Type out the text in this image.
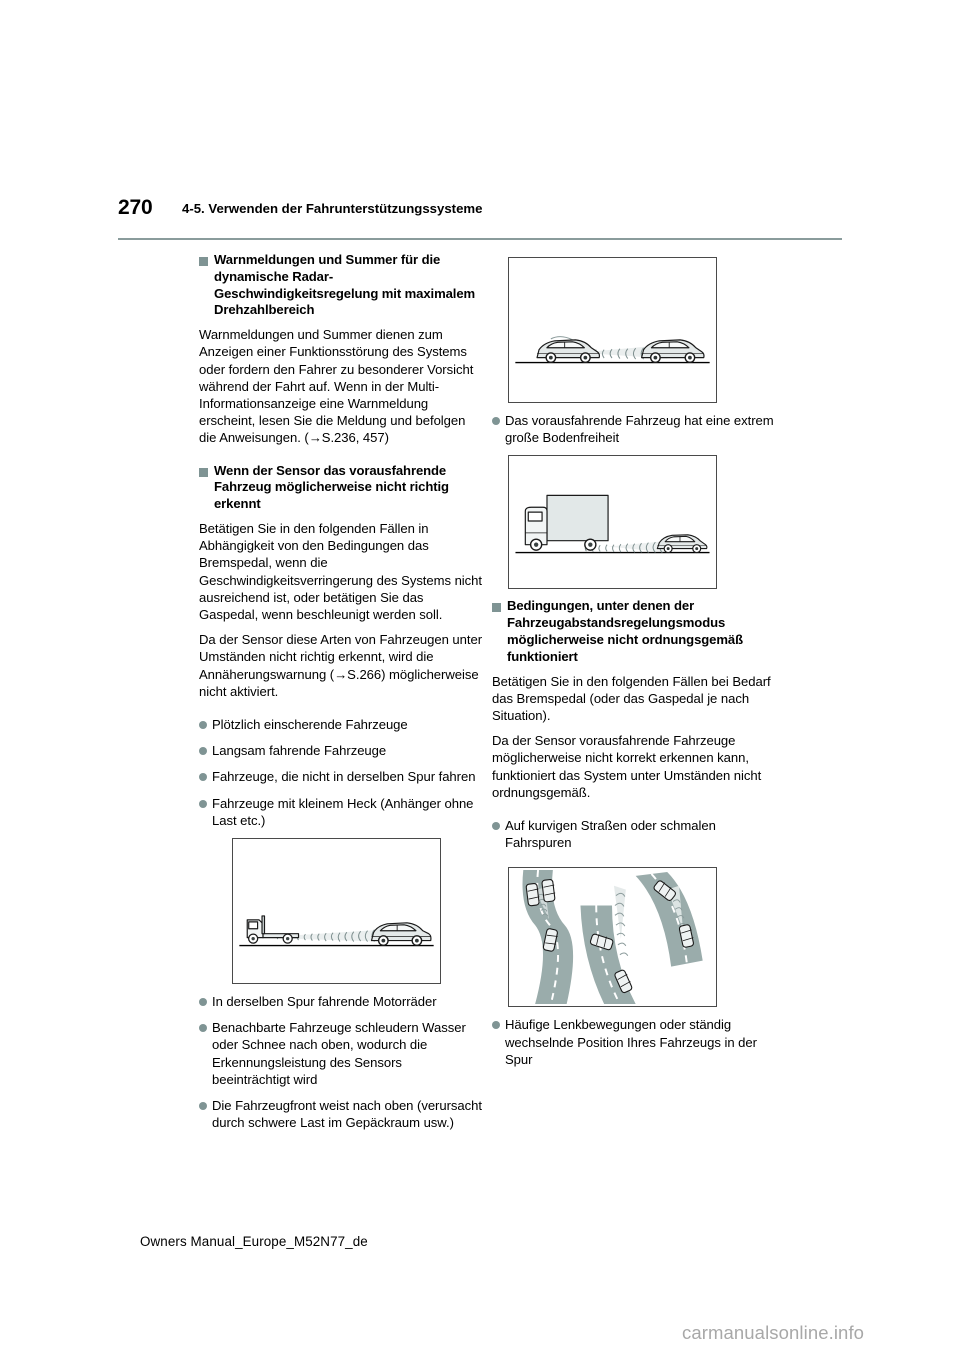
270 4-5. Verwenden der Fahrunterstützungssysteme
Warnmeldungen und Summer für die dynamische Radar-Geschwindigkeitsregelung mit maximalem Drehzahlbereich

Warnmeldungen und Summer dienen zum Anzeigen einer Funktionsstörung des Systems oder fordern den Fahrer zu besonderer Vorsicht während der Fahrt auf. Wenn in der Multi-Informationsanzeige eine Warnmeldung erscheint, lesen Sie die Meldung und befolgen die Anweisungen. (→S.236, 457)

Wenn der Sensor das vorausfahrende Fahrzeug möglicherweise nicht richtig erkennt

Betätigen Sie in den folgenden Fällen in Abhängigkeit von den Bedingungen das Bremspedal, wenn die Geschwindigkeitsverringerung des Systems nicht ausreichend ist, oder betätigen Sie das Gaspedal, wenn beschleunigt werden soll.

Da der Sensor diese Arten von Fahrzeugen unter Umständen nicht richtig erkennt, wird die Annäherungswarnung (→S.266) möglicherweise nicht aktiviert.

Plötzlich einscherende Fahrzeuge
Langsam fahrende Fahrzeuge
Fahrzeuge, die nicht in derselben Spur fahren
Fahrzeuge mit kleinem Heck (Anhänger ohne Last etc.)
In derselben Spur fahrende Motorräder
Benachbarte Fahrzeuge schleudern Wasser oder Schnee nach oben, wodurch die Erkennungsleistung des Sensors beeinträchtigt wird
Die Fahrzeugfront weist nach oben (verursacht durch schwere Last im Gepäckraum usw.)
Das vorausfahrende Fahrzeug hat eine extrem große Bodenfreiheit
Bedingungen, unter denen der Fahrzeugabstandsregelungsmodus möglicherweise nicht ordnungsgemäß funktioniert

Betätigen Sie in den folgenden Fällen bei Bedarf das Bremspedal (oder das Gaspedal je nach Situation).

Da der Sensor vorausfahrende Fahrzeuge möglicherweise nicht korrekt erkennen kann, funktioniert das System unter Umständen nicht ordnungsgemäß.

Auf kurvigen Straßen oder schmalen Fahrspuren
Häufige Lenkbewegungen oder ständig wechselnde Position Ihres Fahrzeugs in der Spur
Owners Manual_Europe_M52N77_de
carmanualsonline.info
